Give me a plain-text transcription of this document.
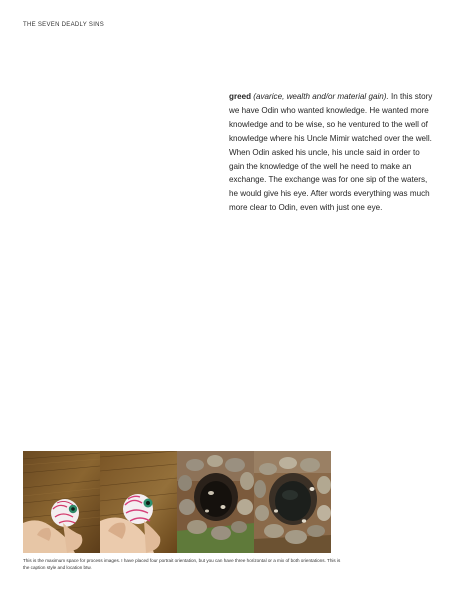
THE SEVEN DEADLY SINS
greed (avarice, wealth and/or material gain). In this story we have Odin who wanted knowledge. He wanted more knowledge and to be wise, so he ventured to the well of knowledge where his Uncle Mimir watched over the well. When Odin asked his uncle, his uncle said in order to gain the knowledge of the well he need to make an exchange. The exchange was for one sip of the waters, he would give his eye. After words everything was much more clear to Odin, even with just one eye.
This is the maximum space for process images. I have placed four portrait orientation, but you can have three horizontal or a mix of both orientations. This is the caption style and location btw.
